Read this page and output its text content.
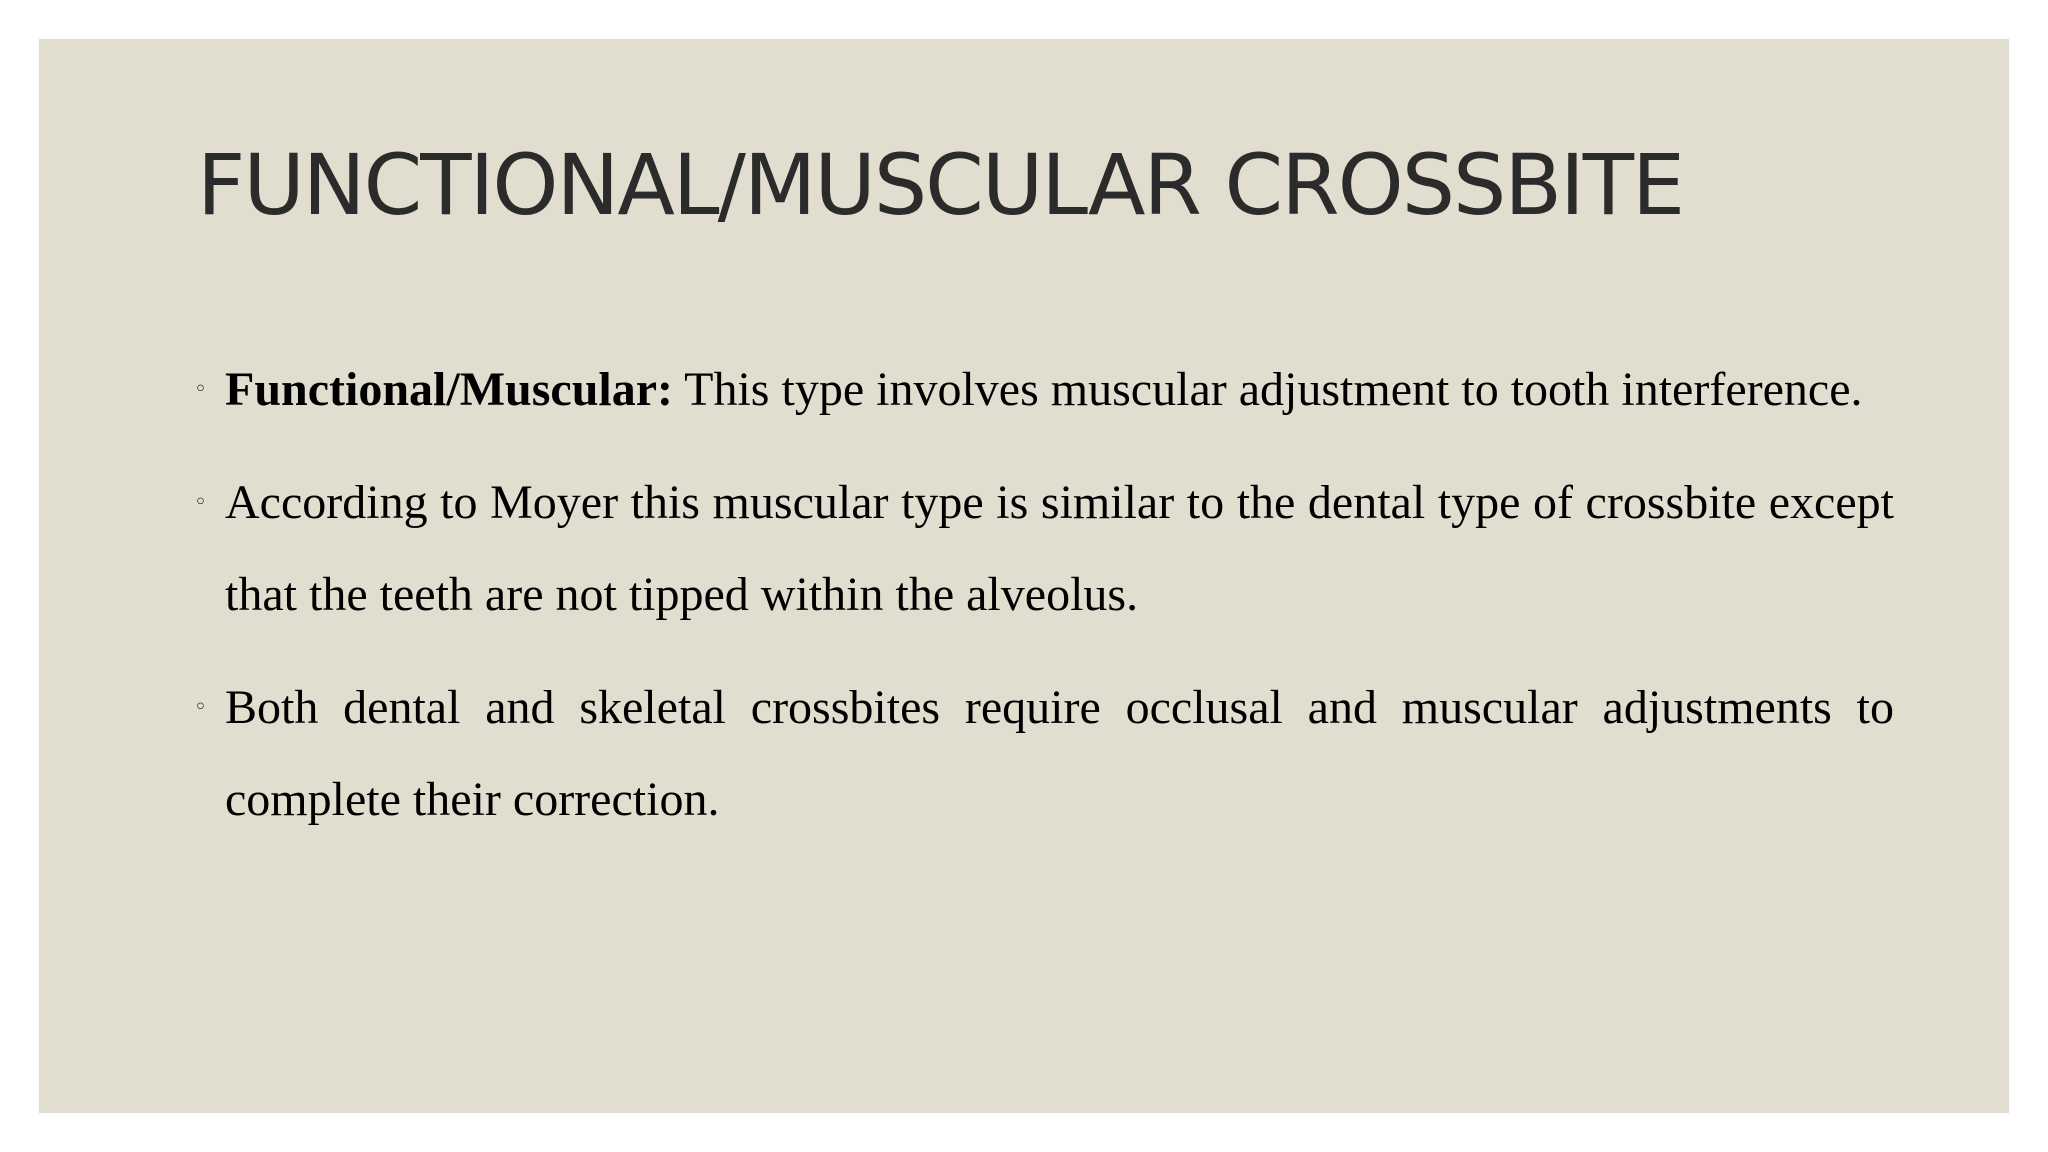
FUNCTIONAL/MUSCULAR CROSSBITE
◦ Functional/Muscular: This type involves muscular adjustment to tooth interference.
◦ According to Moyer this muscular type is similar to the dental type of crossbite except that the teeth are not tipped within the alveolus.
◦ Both dental and skeletal crossbites require occlusal and muscular adjustments to complete their correction.
